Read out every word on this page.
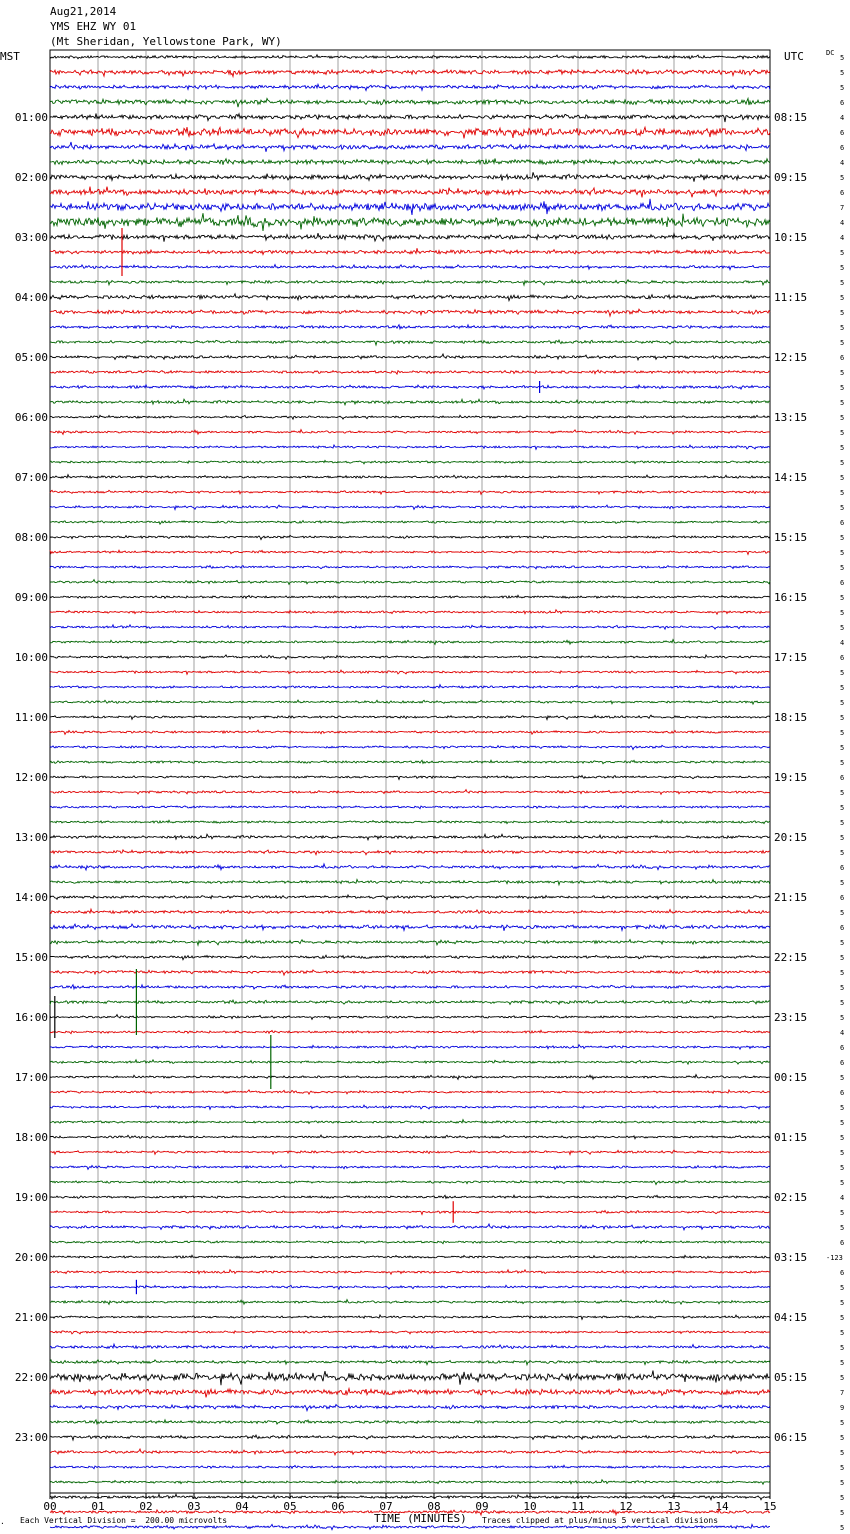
Aug21,2014
YMS EHZ WY 01
(Mt Sheridan, Yellowstone Park, WY)
MST	UTC	DC
00	01	02	03	04	05	06	07	08	09	10	11	12	13	14	15
5
5
5
6
4
6
6
4
5
6
7
4
4
5
5
5
5
5
5
5
6
5
5
5
5
5
5
5
5
5
5
6
5
5
5
6
5
5
5
4
6
5
5
5
5
5
5
5
6
5
5
5
5
5
6
5
6
5
6
5
5
5
5
5
5
4
6
6
5
6
5
5
5
5
5
5
4
5
5
6
-123
6
5
5
5
5
5
5
5
7
9
5
5
5
5
5
5
5
5
01:00
02:00
03:00
04:00
05:00
06:00
07:00
08:00
09:00
10:00
11:00
12:00
13:00
14:00
15:00
16:00
17:00
18:00
19:00
20:00
21:00
22:00
23:00
08:15
09:15
10:15
11:15
12:15
13:15
14:15
15:15
16:15
17:15
18:15
19:15
20:15
21:15
22:15
23:15
00:15
01:15
02:15
03:15
04:15
05:15
06:15
. Each Vertical Division =  200.00 microvolts	TIME (MINUTES) Traces clipped at plus/minus 5 vertical divisions
